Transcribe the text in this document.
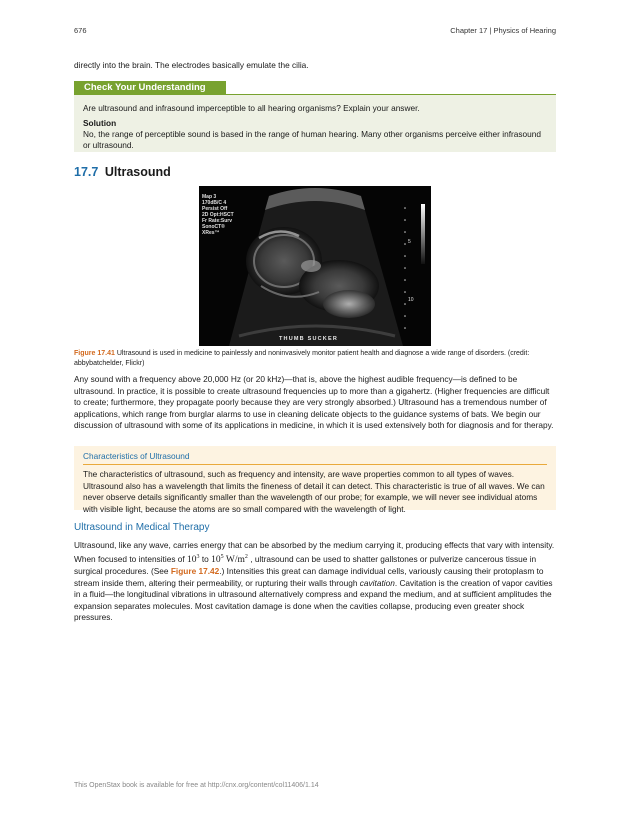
676	Chapter 17 | Physics of Hearing
directly into the brain. The electrodes basically emulate the cilia.
Check Your Understanding

Are ultrasound and infrasound imperceptible to all hearing organisms? Explain your answer.

Solution
No, the range of perceptible sound is based in the range of human hearing. Many other organisms perceive either infrasound or ultrasound.
17.7 Ultrasound
Map 3
170dB/C 4
Persist Off
2D Opt:HSCT
Fr Rate:Surv
SonoCT®
XRes™
5
10
THUMB SUCKER
Figure 17.41 Ultrasound is used in medicine to painlessly and noninvasively monitor patient health and diagnose a wide range of disorders. (credit: abbybatchelder, Flickr)
Any sound with a frequency above 20,000 Hz (or 20 kHz)—that is, above the highest audible frequency—is defined to be ultrasound. In practice, it is possible to create ultrasound frequencies up to more than a gigahertz. (Higher frequencies are difficult to create; furthermore, they propagate poorly because they are very strongly absorbed.) Ultrasound has a tremendous number of applications, which range from burglar alarms to use in cleaning delicate objects to the guidance systems of bats. We begin our discussion of ultrasound with some of its applications in medicine, in which it is used extensively both for diagnosis and for therapy.
Characteristics of Ultrasound

The characteristics of ultrasound, such as frequency and intensity, are wave properties common to all types of waves. Ultrasound also has a wavelength that limits the fineness of detail it can detect. This characteristic is true of all waves. We can never observe details significantly smaller than the wavelength of our probe; for example, we will never see individual atoms with visible light, because the atoms are so small compared with the wavelength of light.

Ultrasound in Medical Therapy
Ultrasound, like any wave, carries energy that can be absorbed by the medium carrying it, producing effects that vary with intensity. When focused to intensities of $10^3$ to $10^5$ $W/m^2$ , ultrasound can be used to shatter gallstones or pulverize cancerous tissue in surgical procedures. (See Figure 17.42.) Intensities this great can damage individual cells, variously causing their protoplasm to stream inside them, altering their permeability, or rupturing their walls through cavitation. Cavitation is the creation of vapor cavities in a fluid—the longitudinal vibrations in ultrasound alternatively compress and expand the medium, and at sufficient amplitudes the expansion separates molecules. Most cavitation damage is done when the cavities collapse, producing even greater shock pressures.
This OpenStax book is available for free at http://cnx.org/content/col11406/1.14
